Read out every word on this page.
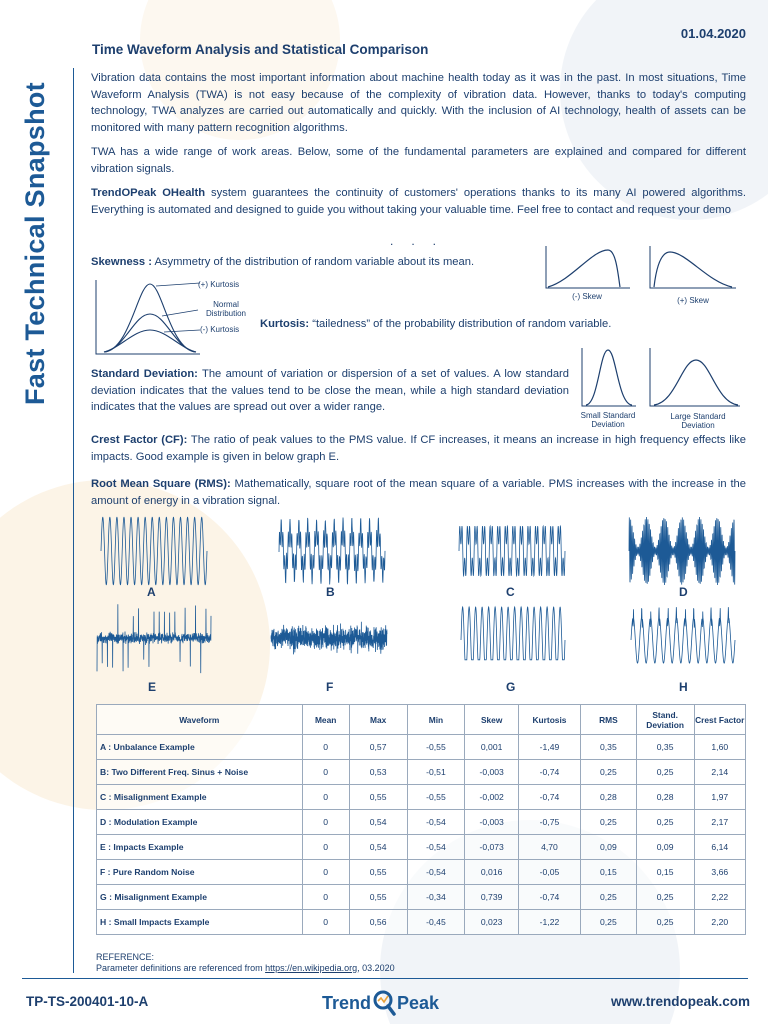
Fast Technical Snapshot
01.04.2020
Time Waveform Analysis and Statistical Comparison
Vibration data contains the most important information about machine health today as it was in the past. In most situations, Time Waveform Analysis (TWA) is not easy because of the complexity of vibration data. However, thanks to today's computing technology, TWA analyzes are carried out automatically and quickly. With the inclusion of AI technology, health of assets can be monitored with many pattern recognition algorithms.
TWA has a wide range of work areas. Below, some of the fundamental parameters are explained and compared for different vibration signals.
TrendOPeak OHealth system guarantees the continuity of customers' operations thanks to its many AI powered algorithms. Everything is automated and designed to guide you without taking your valuable time. Feel free to contact and request your demo
...
Skewness : Asymmetry of the distribution of random variable about its mean.
(-) Skew	(+) Skew
(+) Kurtosis
Normal Distribution
(-) Kurtosis	Kurtosis: “tailedness” of the probability distribution of random variable.
Standard Deviation: The amount of variation or dispersion of a set of values. A low standard deviation indicates that the values tend to be close the mean, while a high standard deviation indicates that the values are spread out over a wider range.
Small Standard Deviation
Large Standard Deviation
Crest Factor (CF): The ratio of peak values to the PMS value. If CF increases, it means an increase in high frequency effects like impacts. Good example is given in below graph E.
Root Mean Square (RMS): Mathematically, square root of the mean square of a variable. PMS increases with the increase in the amount of energy in a vibration signal.
A	B	C	D
E	F	G	H
Waveform	Mean	Max	Min	Skew	Kurtosis	RMS	Stand. Deviation	Crest Factor
A : Unbalance Example	0	0,57	-0,55	0,001	-1,49	0,35	0,35	1,60
B: Two Different Freq. Sinus + Noise	0	0,53	-0,51	-0,003	-0,74	0,25	0,25	2,14
C : Misalignment Example	0	0,55	-0,55	-0,002	-0,74	0,28	0,28	1,97
D : Modulation Example	0	0,54	-0,54	-0,003	-0,75	0,25	0,25	2,17
E : Impacts Example	0	0,54	-0,54	-0,073	4,70	0,09	0,09	6,14
F : Pure Random Noise	0	0,55	-0,54	0,016	-0,05	0,15	0,15	3,66
G : Misalignment Example	0	0,55	-0,34	0,739	-0,74	0,25	0,25	2,22
H : Small Impacts Example	0	0,56	-0,45	0,023	-1,22	0,25	0,25	2,20
REFERENCE:
Parameter definitions are referenced from https://en.wikipedia.org, 03.2020
TP-TS-200401-10-A	Trend Peak	www.trendopeak.com
